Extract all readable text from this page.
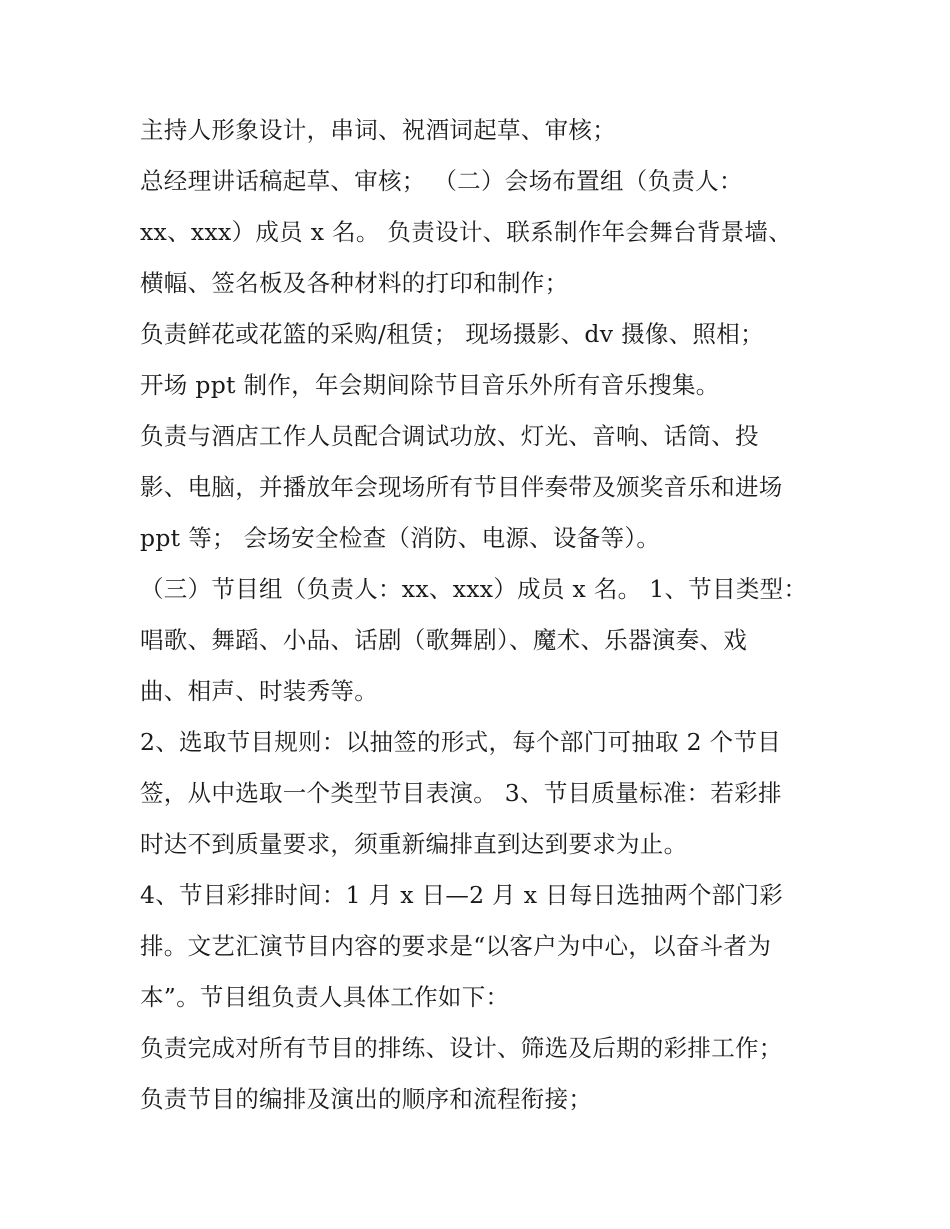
主持人形象设计，串词、祝酒词起草、审核；
总经理讲话稿起草、审核； （二）会场布置组（负责人：
xx、xxx）成员 x 名。 负责设计、联系制作年会舞台背景墙、
横幅、签名板及各种材料的打印和制作；
负责鲜花或花篮的采购/租赁； 现场摄影、dv 摄像、照相；
开场 ppt 制作，年会期间除节目音乐外所有音乐搜集。
负责与酒店工作人员配合调试功放、灯光、音响、话筒、投
影、电脑，并播放年会现场所有节目伴奏带及颁奖音乐和进场
ppt 等； 会场安全检查（消防、电源、设备等）。
（三）节目组（负责人：xx、xxx）成员 x 名。 1、节目类型：
唱歌、舞蹈、小品、话剧（歌舞剧）、魔术、乐器演奏、戏
曲、相声、时装秀等。
2、选取节目规则：以抽签的形式，每个部门可抽取 2 个节目
签，从中选取一个类型节目表演。 3、节目质量标准：若彩排
时达不到质量要求，须重新编排直到达到要求为止。
4、节目彩排时间：1 月 x 日—2 月 x 日每日选抽两个部门彩
排。文艺汇演节目内容的要求是“以客户为中心，以奋斗者为
本”。节目组负责人具体工作如下：
负责完成对所有节目的排练、设计、筛选及后期的彩排工作；
负责节目的编排及演出的顺序和流程衔接；
